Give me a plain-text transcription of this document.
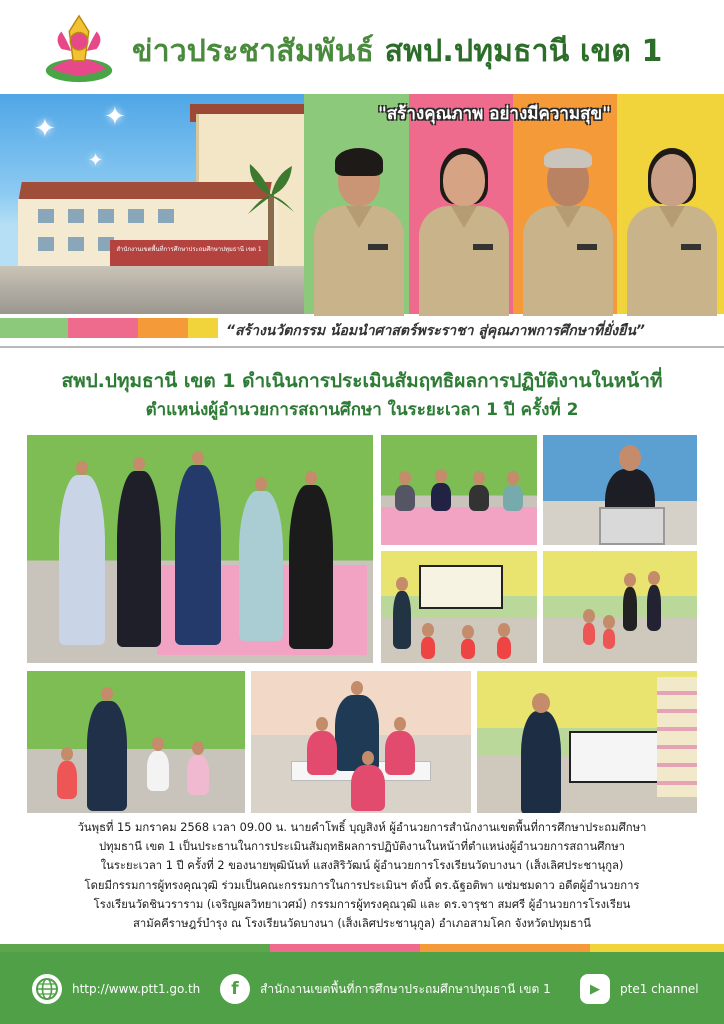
ข่าวประชาสัมพันธ์ สพป.ปทุมธานี เขต 1
✦ ✦
✦
สำนักงานเขตพื้นที่การศึกษาประถมศึกษาปทุมธานี เขต 1
"สร้างคุณภาพ อย่างมีความสุข"
“สร้างนวัตกรรม น้อมนำศาสตร์พระราชา สู่คุณภาพการศึกษาที่ยั่งยืน”
สพป.ปทุมธานี เขต 1 ดำเนินการประเมินสัมฤทธิผลการปฏิบัติงานในหน้าที่
ตำแหน่งผู้อำนวยการสถานศึกษา ในระยะเวลา 1 ปี ครั้งที่ 2

วันพุธที่ 15 มกราคม 2568 เวลา 09.00 น. นายคำโพธิ์ บุญสิงห์ ผู้อำนวยการสำนักงานเขตพื้นที่การศึกษาประถมศึกษา

ปทุมธานี เขต 1 เป็นประธานในการประเมินสัมฤทธิผลการปฏิบัติงานในหน้าที่ตำแหน่งผู้อำนวยการสถานศึกษา

ในระยะเวลา 1 ปี ครั้งที่ 2 ของนายพุฒินันท์ แสงสิริวัฒน์ ผู้อำนวยการโรงเรียนวัดบางนา (เส็งเลิศประชานุกูล)

โดยมีกรรมการผู้ทรงคุณวุฒิ ร่วมเป็นคณะกรรมการในการประเมินฯ ดังนี้ ดร.ฉัฐอติพา แซ่มชมดาว อดีตผู้อำนวยการ

โรงเรียนวัดชินวราราม (เจริญผลวิทยาเวศม์) กรรมการผู้ทรงคุณวุฒิ และ ดร.จารุชา สมศรี ผู้อำนวยการโรงเรียน

สามัคคีราษฎร์บำรุง ณ โรงเรียนวัดบางนา (เส็งเลิศประชานุกูล) อำเภอสามโคก จังหวัดปทุมธานี

http://www.ptt1.go.th	f	สำนักงานเขตพื้นที่การศึกษาประถมศึกษาปทุมธานี เขต 1	▶	pte1 channel
